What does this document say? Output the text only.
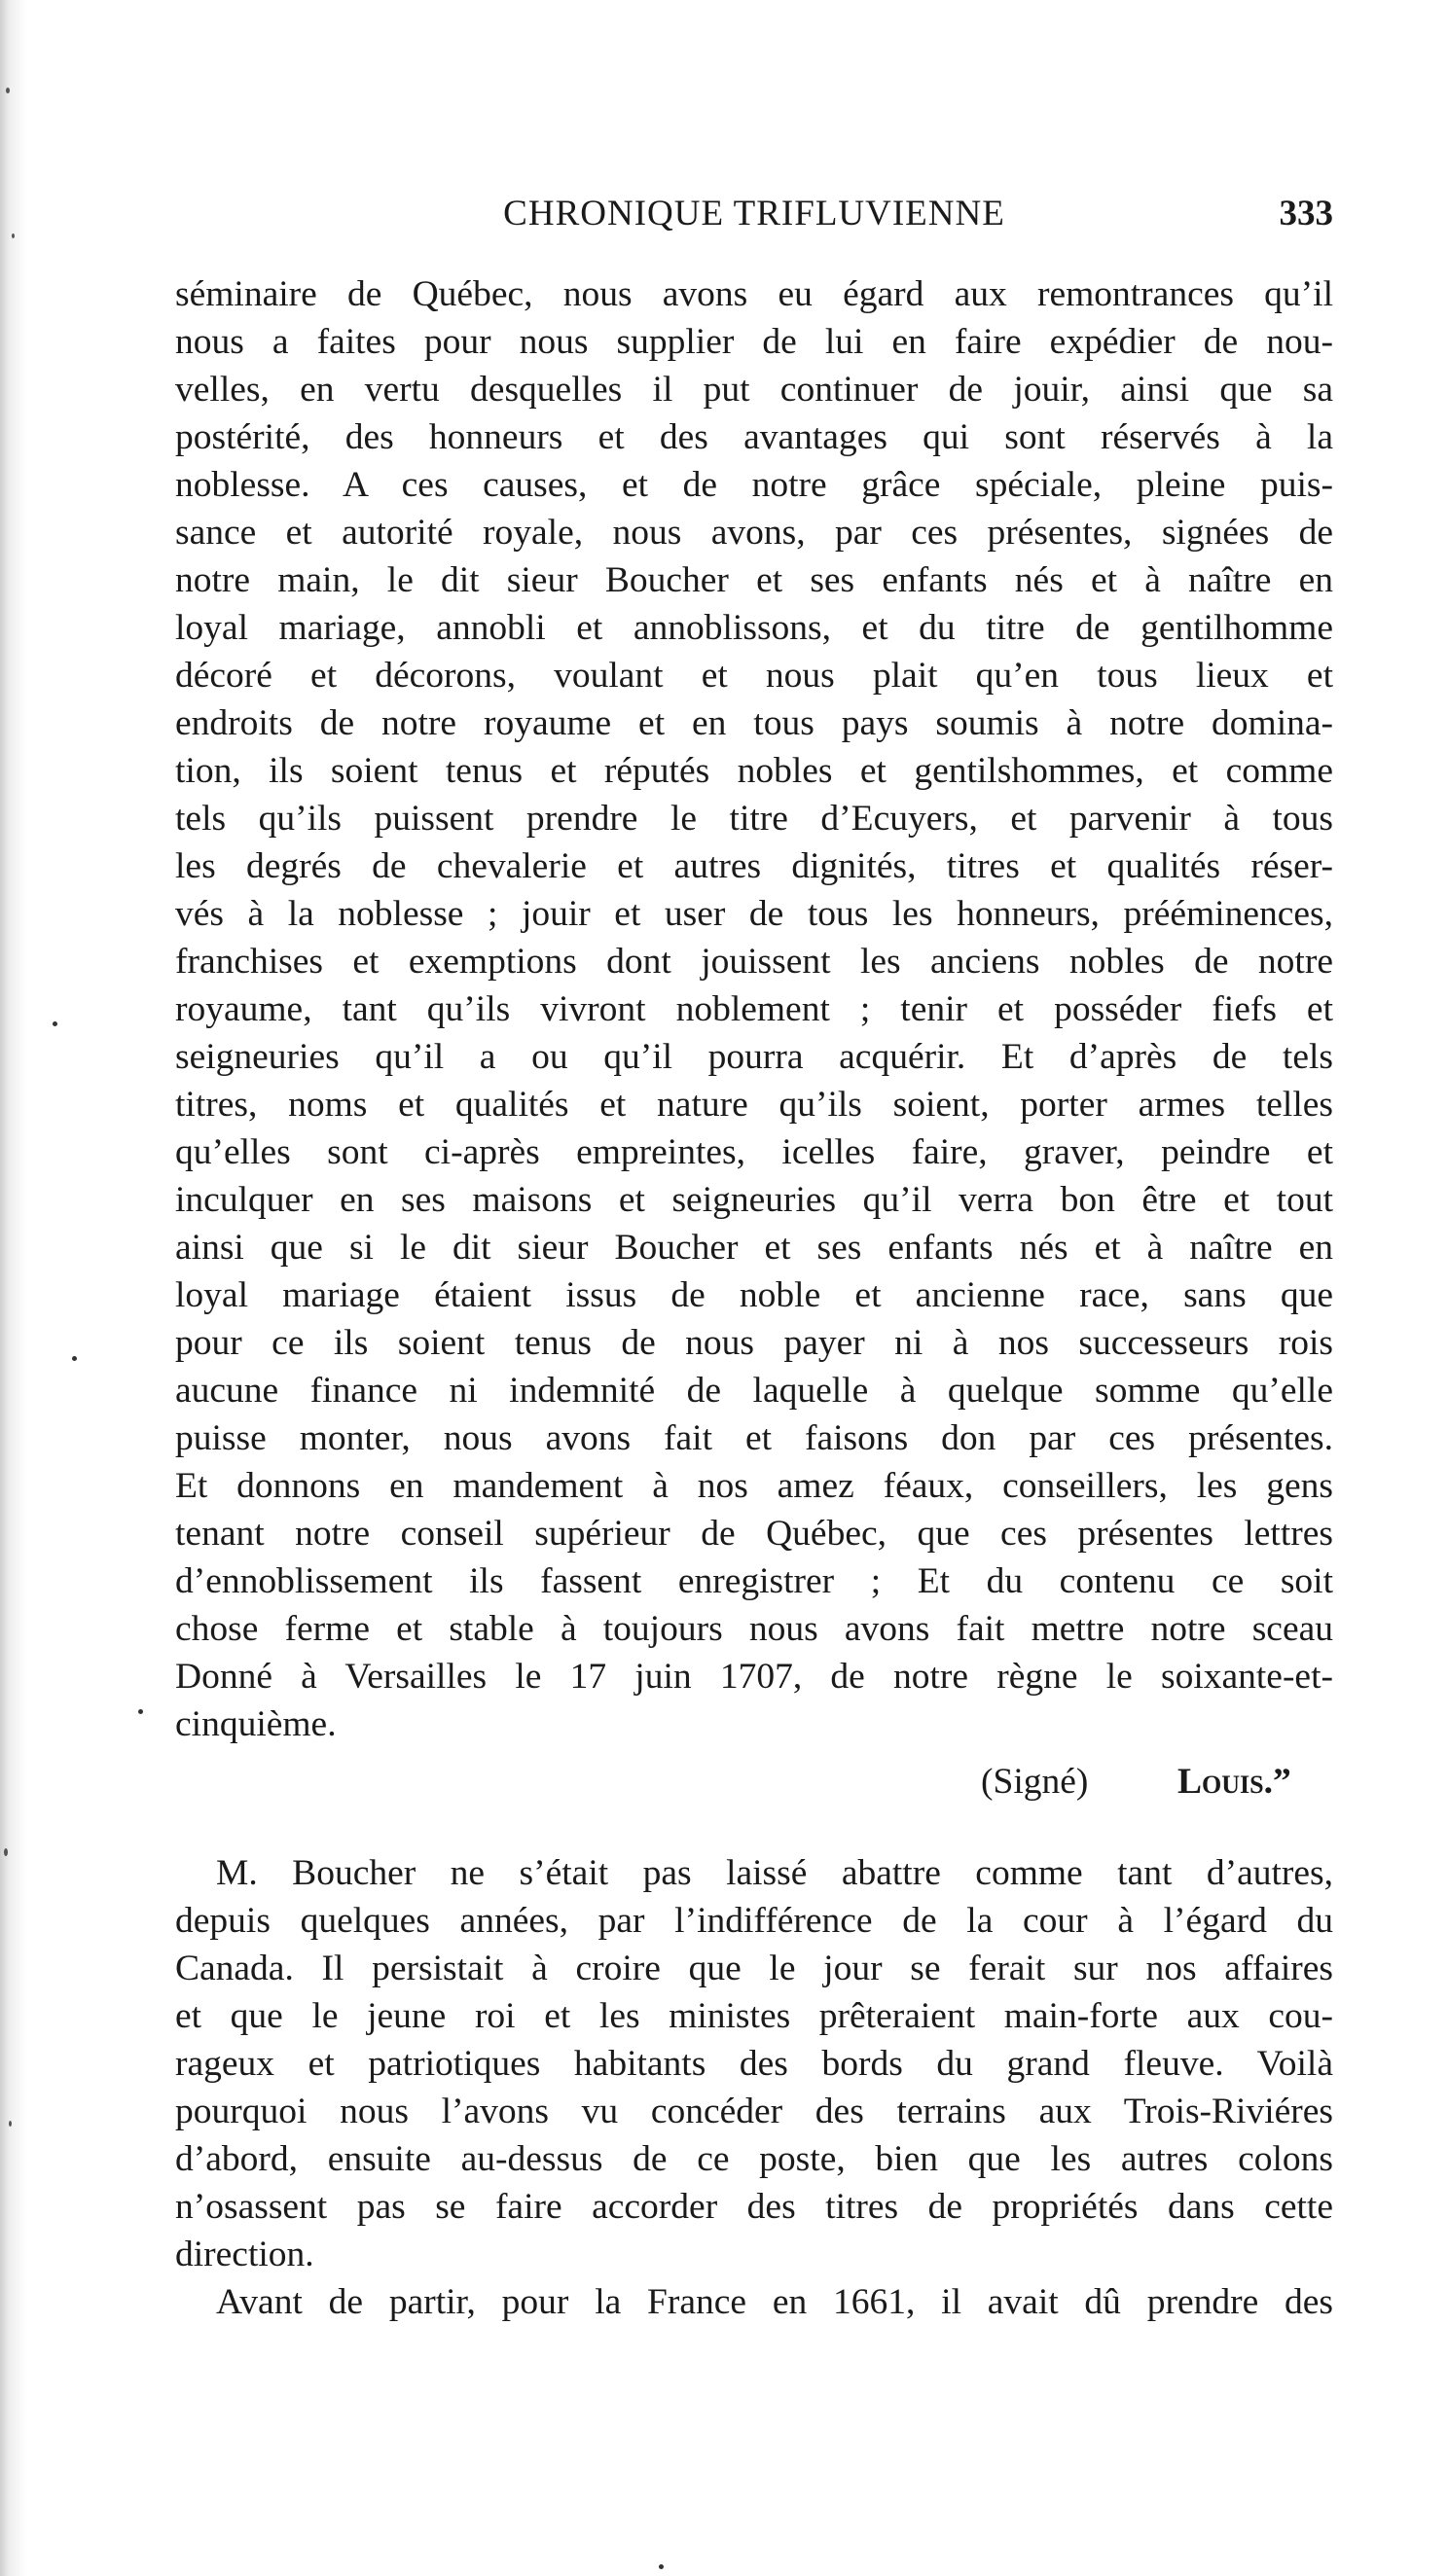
CHRONIQUE TRIFLUVIENNE	333
séminaire de Québec, nous avons eu égard aux remontrances qu’il
nous a faites pour nous supplier de lui en faire expédier de nou-
velles, en vertu desquelles il put continuer de jouir, ainsi que sa
postérité, des honneurs et des avantages qui sont réservés à la
noblesse. A ces causes, et de notre grâce spéciale, pleine puis-
sance et autorité royale, nous avons, par ces présentes, signées de
notre main, le dit sieur Boucher et ses enfants nés et à naître en
loyal mariage, annobli et annoblissons, et du titre de gentilhomme
décoré et décorons, voulant et nous plait qu’en tous lieux et
endroits de notre royaume et en tous pays soumis à notre domina-
tion, ils soient tenus et réputés nobles et gentilshommes, et comme
tels qu’ils puissent prendre le titre d’Ecuyers, et parvenir à tous
les degrés de chevalerie et autres dignités, titres et qualités réser-
vés à la noblesse ; jouir et user de tous les honneurs, prééminences,
franchises et exemptions dont jouissent les anciens nobles de notre
royaume, tant qu’ils vivront noblement ; tenir et posséder fiefs et
seigneuries qu’il a ou qu’il pourra acquérir. Et d’après de tels
titres, noms et qualités et nature qu’ils soient, porter armes telles
qu’elles sont ci-après empreintes, icelles faire, graver, peindre et
inculquer en ses maisons et seigneuries qu’il verra bon être et tout
ainsi que si le dit sieur Boucher et ses enfants nés et à naître en
loyal mariage étaient issus de noble et ancienne race, sans que
pour ce ils soient tenus de nous payer ni à nos successeurs rois
aucune finance ni indemnité de laquelle à quelque somme qu’elle
puisse monter, nous avons fait et faisons don par ces présentes.
Et donnons en mandement à nos amez féaux, conseillers, les gens
tenant notre conseil supérieur de Québec, que ces présentes lettres
d’ennoblissement ils fassent enregistrer ; Et du contenu ce soit
chose ferme et stable à toujours nous avons fait mettre notre sceau
Donné à Versailles le 17 juin 1707, de notre règne le soixante-et-
cinquième.
(Signé) Louis.”
M. Boucher ne s’était pas laissé abattre comme tant d’autres,
depuis quelques années, par l’indifférence de la cour à l’égard du
Canada. Il persistait à croire que le jour se ferait sur nos affaires
et que le jeune roi et les ministes prêteraient main-forte aux cou-
rageux et patriotiques habitants des bords du grand fleuve. Voilà
pourquoi nous l’avons vu concéder des terrains aux Trois-Riviéres
d’abord, ensuite au-dessus de ce poste, bien que les autres colons
n’osassent pas se faire accorder des titres de propriétés dans cette
direction.
Avant de partir, pour la France en 1661, il avait dû prendre des
